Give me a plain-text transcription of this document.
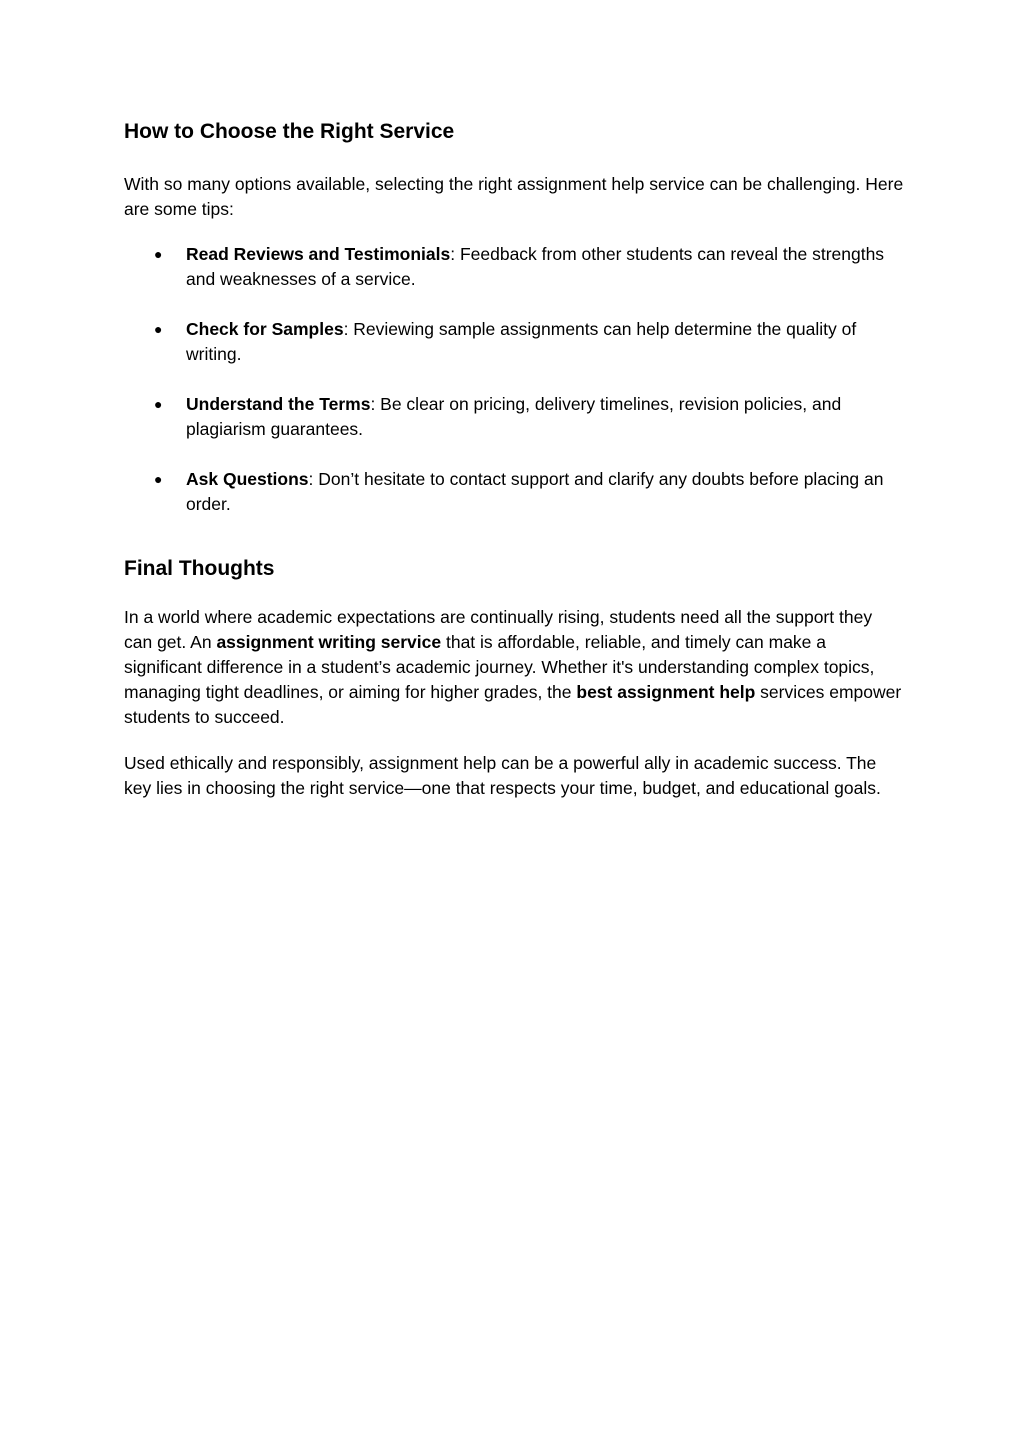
How to Choose the Right Service

With so many options available, selecting the right assignment help service can be challenging. Here are some tips:

● Read Reviews and Testimonials: Feedback from other students can reveal the strengths and weaknesses of a service.
● Check for Samples: Reviewing sample assignments can help determine the quality of writing.
● Understand the Terms: Be clear on pricing, delivery timelines, revision policies, and plagiarism guarantees.
● Ask Questions: Don’t hesitate to contact support and clarify any doubts before placing an order.
Final Thoughts

In a world where academic expectations are continually rising, students need all the support they can get. An assignment writing service that is affordable, reliable, and timely can make a significant difference in a student’s academic journey. Whether it's understanding complex topics, managing tight deadlines, or aiming for higher grades, the best assignment help services empower students to succeed.

Used ethically and responsibly, assignment help can be a powerful ally in academic success. The key lies in choosing the right service—one that respects your time, budget, and educational goals.
